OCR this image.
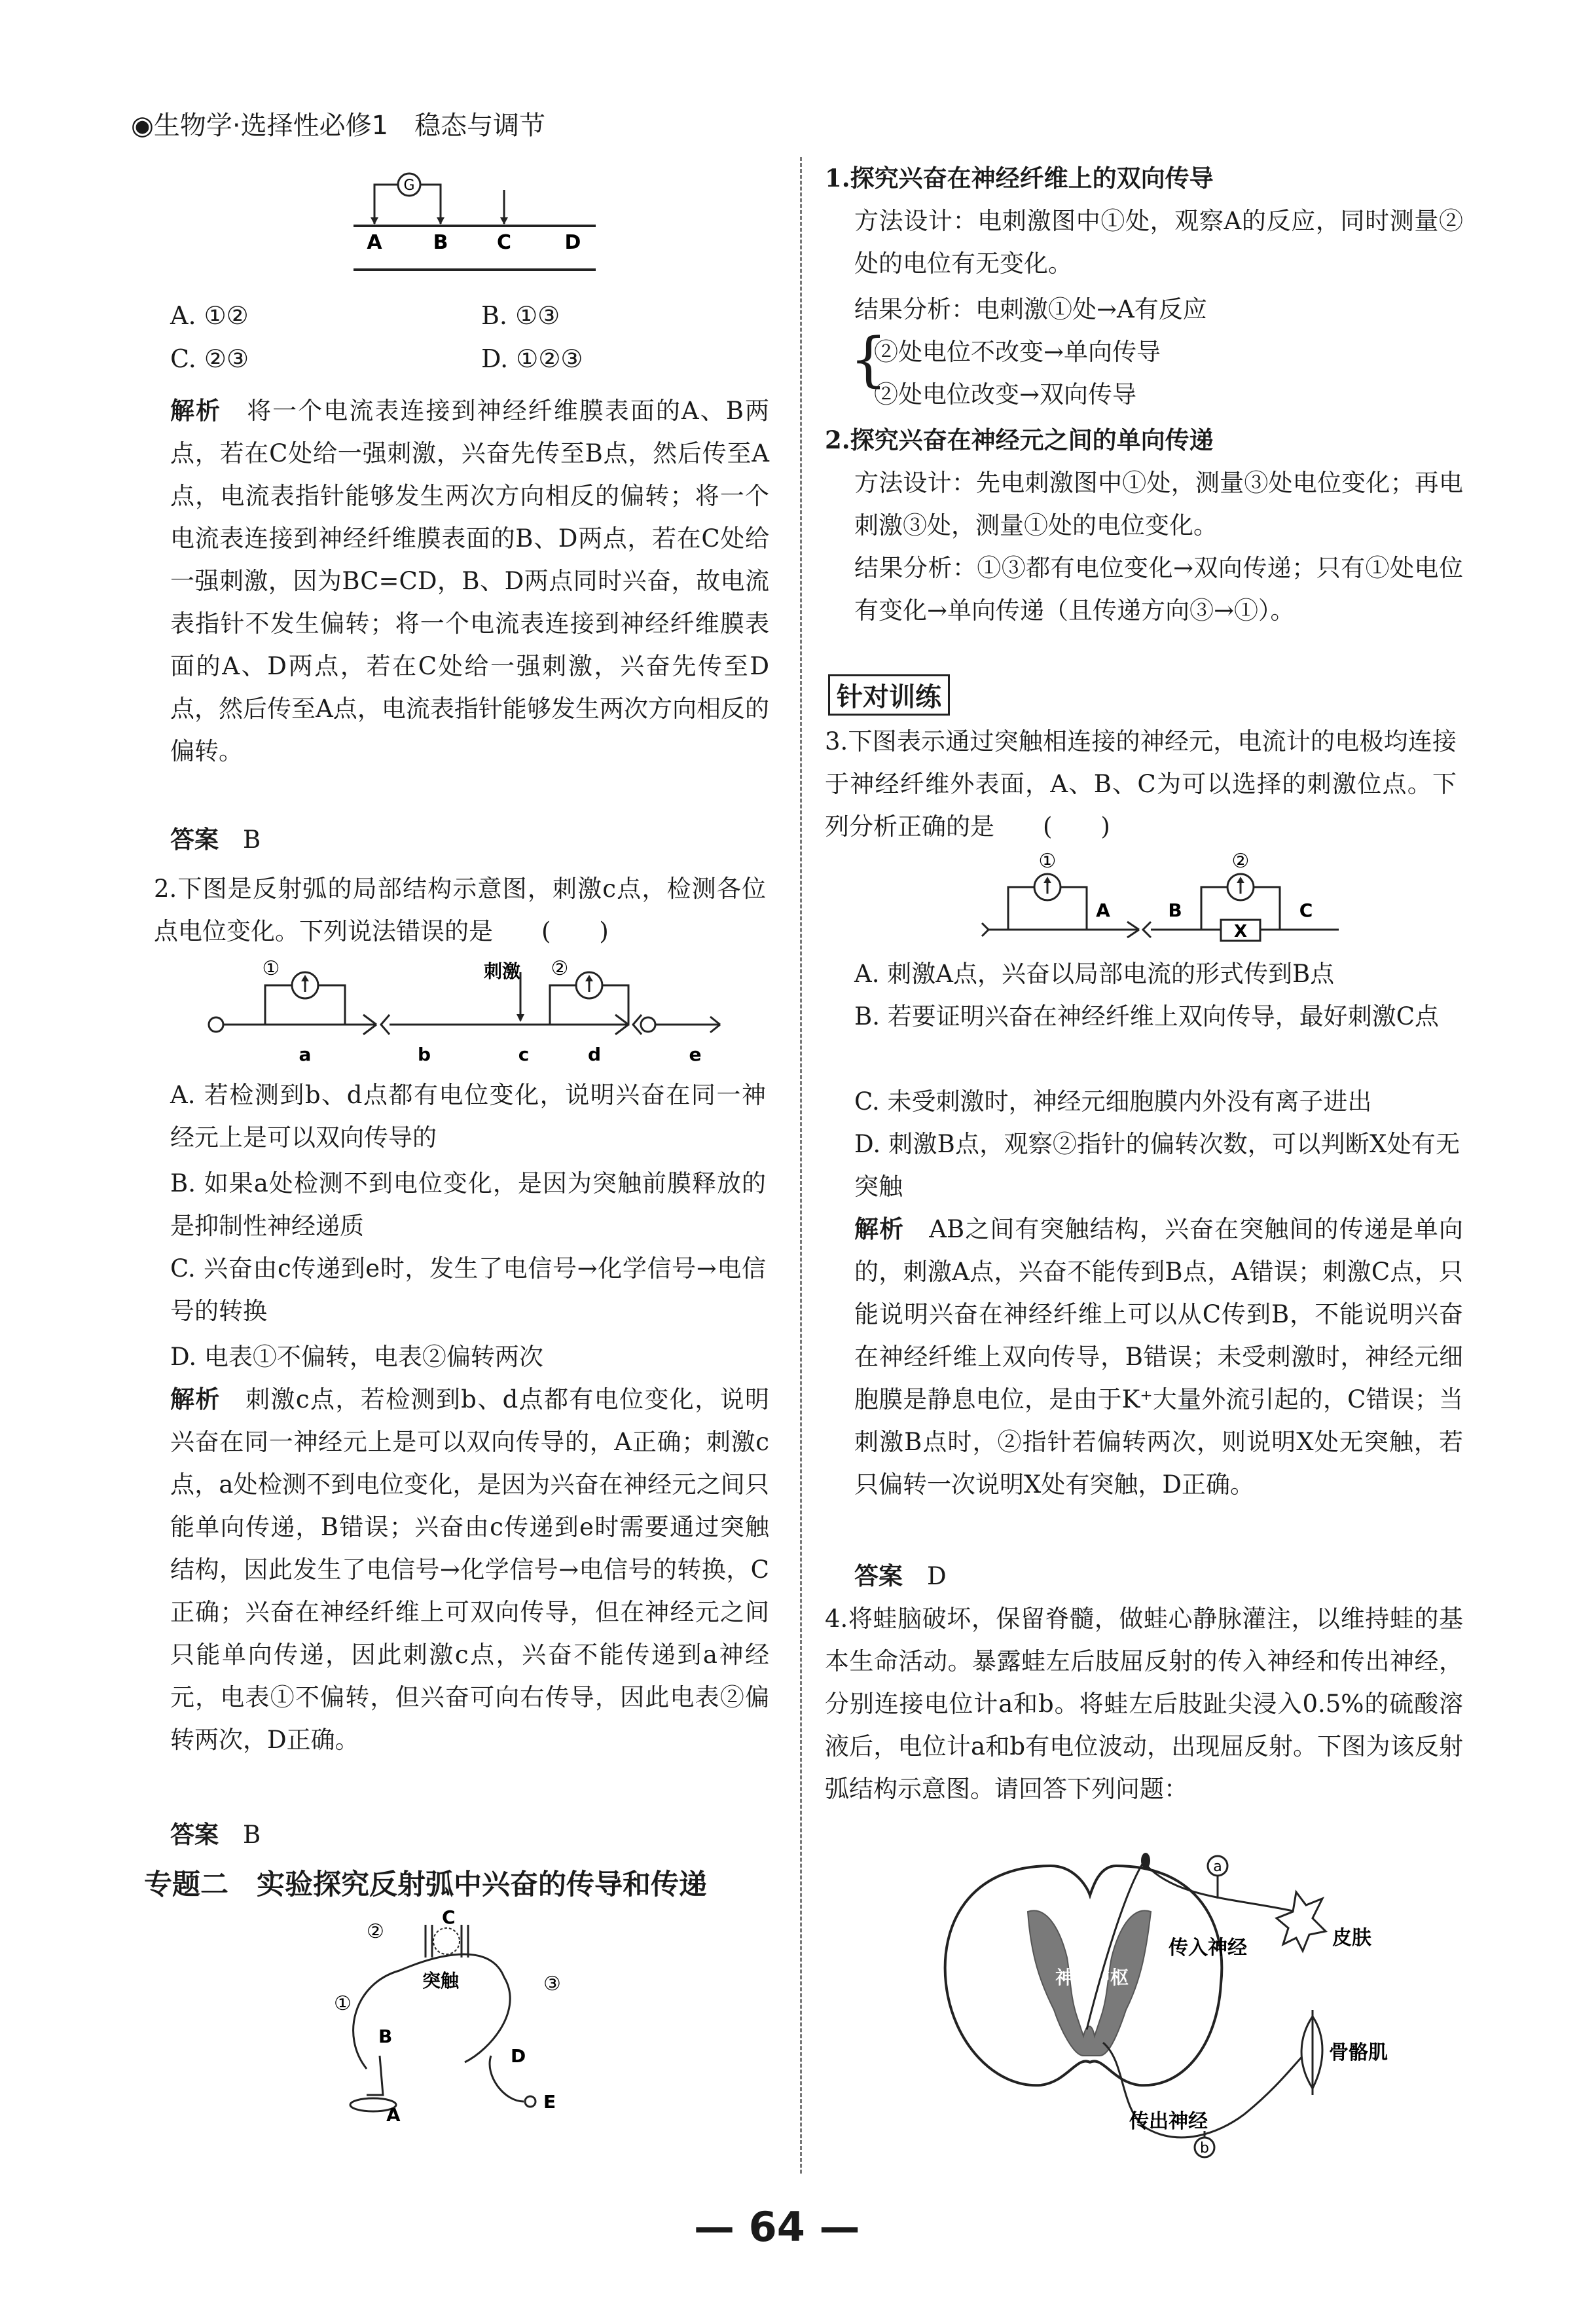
◉生物学·选择性必修1　稳态与调节
G
A	B C	D
A. ①②	B. ①③
C. ②③	D. ①②③

解析　 将一个电流表连接到神经纤维膜表面的A、B两点，若在C处给一强刺激，兴奋先传至B点，然后传至A点，电流表指针能够发生两次方向相反的偏转；将一个电流表连接到神经纤维膜表面的B、D两点，若在C处给一强刺激，因为BC=CD，B、D两点同时兴奋，故电流表指针不发生偏转；将一个电流表连接到神经纤维膜表面的A、D两点，若在C处给一强刺激，兴奋先传至D点，然后传至A点，电流表指针能够发生两次方向相反的偏转。

答案　 B

2.下图是反射弧的局部结构示意图，刺激c点，检测各位点电位变化。下列说法错误的是　　 (　　)

①	②
刺激
a	b	c	d	e

A. 若检测到b、d点都有电位变化，说明兴奋在同一神经元上是可以双向传导的

B. 如果a处检测不到电位变化，是因为突触前膜释放的是抑制性神经递质

C. 兴奋由c传递到e时，发生了电信号→化学信号→电信号的转换

D. 电表①不偏转，电表②偏转两次

解析　 刺激c点，若检测到b、d点都有电位变化，说明兴奋在同一神经元上是可以双向传导的，A正确；刺激c点，a处检测不到电位变化，是因为兴奋在神经元之间只能单向传递，B错误；兴奋由c传递到e时需要通过突触结构，因此发生了电信号→化学信号→电信号的转换，C正确；兴奋在神经纤维上可双向传导，但在神经元之间只能单向传递，因此刺激c点，兴奋不能传递到a神经元，电表①不偏转，但兴奋可向右传导，因此电表②偏转两次，D正确。

答案　 B

专题二　 实验探究反射弧中兴奋的传导和传递
②
C
①
B
突触	③
D
E
A

1.探究兴奋在神经纤维上的双向传导

方法设计：电刺激图中①处，观察A的反应，同时测量②处的电位有无变化。

结果分析：电刺激①处→A有反应

{

②处电位不改变→单向传导

②处电位改变→双向传导

2.探究兴奋在神经元之间的单向传递

方法设计：先电刺激图中①处，测量③处电位变化；再电刺激③处，测量①处的电位变化。

结果分析：①③都有电位变化→双向传递；只有①处电位有变化→单向传递（且传递方向③→①）。

针对训练

3.下图表示通过突触相连接的神经元，电流计的电极均连接于神经纤维外表面，A、B、C为可以选择的刺激位点。下列分析正确的是　　 (　　)

①
A	B
②
X
C

A. 刺激A点，兴奋以局部电流的形式传到B点

B. 若要证明兴奋在神经纤维上双向传导，最好刺激C点

C. 未受刺激时，神经元细胞膜内外没有离子进出

D. 刺激B点，观察②指针的偏转次数，可以判断X处有无突触

解析　 AB之间有突触结构，兴奋在突触间的传递是单向的，刺激A点，兴奋不能传到B点，A错误；刺激C点，只能说明兴奋在神经纤维上可以从C传到B，不能说明兴奋在神经纤维上双向传导，B错误；未受刺激时，神经元细胞膜是静息电位，是由于K⁺大量外流引起的，C错误；当刺激B点时，②指针若偏转两次，则说明X处无突触，若只偏转一次说明X处有突触，D正确。

答案　 D

4.将蛙脑破坏，保留脊髓，做蛙心静脉灌注，以维持蛙的基本生命活动。暴露蛙左后肢屈反射的传入神经和传出神经，分别连接电位计a和b。将蛙左后肢趾尖浸入0.5%的硫酸溶液后，电位计a和b有电位波动，出现屈反射。下图为该反射弧结构示意图。请回答下列问题：

神经中枢
a
传入神经	皮肤
b
传出神经
骨骼肌
— 64 —
